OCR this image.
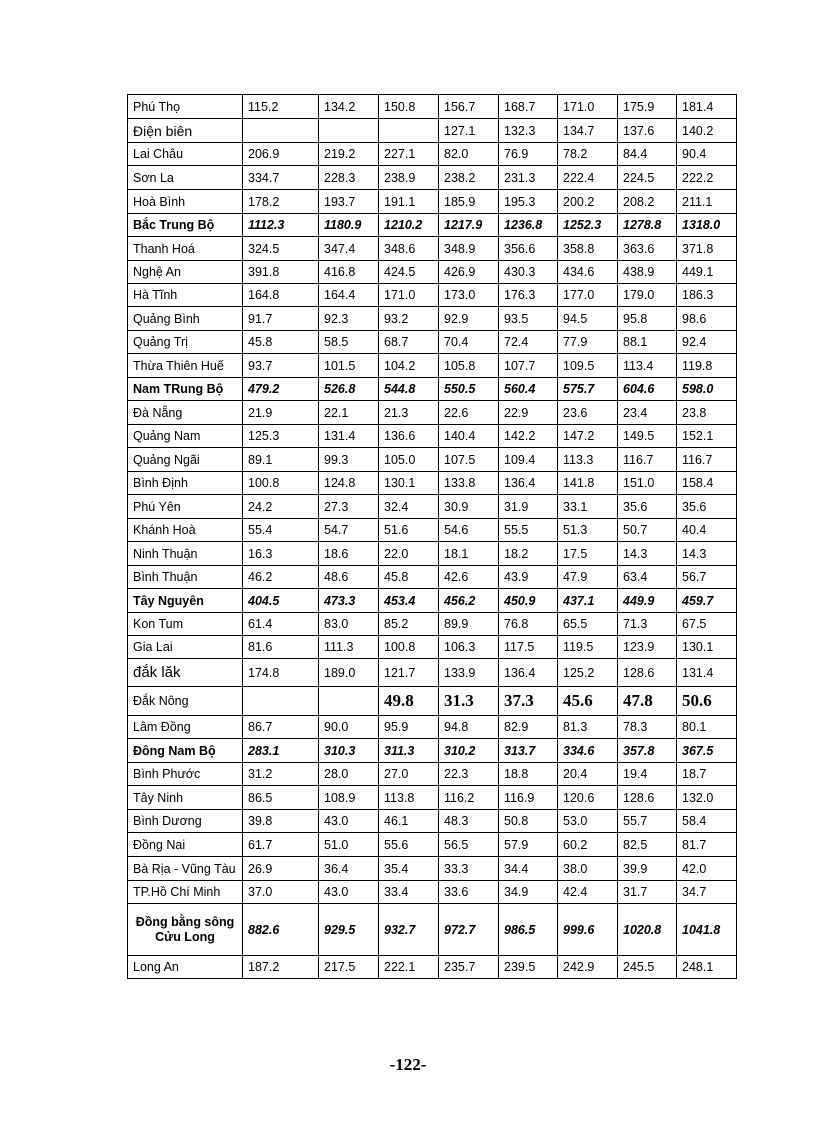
Phú Thọ	115.2	134.2	150.8	156.7	168.7	171.0	175.9	181.4
Điện biên				127.1	132.3	134.7	137.6	140.2
Lai Châu	206.9	219.2	227.1	82.0	76.9	78.2	84.4	90.4
Sơn La	334.7	228.3	238.9	238.2	231.3	222.4	224.5	222.2
Hoà Bình	178.2	193.7	191.1	185.9	195.3	200.2	208.2	211.1
Bắc Trung Bộ	1112.3	1180.9	1210.2	1217.9	1236.8	1252.3	1278.8	1318.0
Thanh Hoá	324.5	347.4	348.6	348.9	356.6	358.8	363.6	371.8
Nghệ An	391.8	416.8	424.5	426.9	430.3	434.6	438.9	449.1
Hà Tĩnh	164.8	164.4	171.0	173.0	176.3	177.0	179.0	186.3
Quảng Bình	91.7	92.3	93.2	92.9	93.5	94.5	95.8	98.6
Quảng Trị	45.8	58.5	68.7	70.4	72.4	77.9	88.1	92.4
Thừa Thiên Huế	93.7	101.5	104.2	105.8	107.7	109.5	113.4	119.8
Nam TRung Bộ	479.2	526.8	544.8	550.5	560.4	575.7	604.6	598.0
Đà Nẵng	21.9	22.1	21.3	22.6	22.9	23.6	23.4	23.8
Quảng Nam	125.3	131.4	136.6	140.4	142.2	147.2	149.5	152.1
Quảng Ngãi	89.1	99.3	105.0	107.5	109.4	113.3	116.7	116.7
Bình Định	100.8	124.8	130.1	133.8	136.4	141.8	151.0	158.4
Phú Yên	24.2	27.3	32.4	30.9	31.9	33.1	35.6	35.6
Khánh Hoà	55.4	54.7	51.6	54.6	55.5	51.3	50.7	40.4
Ninh Thuận	16.3	18.6	22.0	18.1	18.2	17.5	14.3	14.3
Bình Thuận	46.2	48.6	45.8	42.6	43.9	47.9	63.4	56.7
Tây Nguyên	404.5	473.3	453.4	456.2	450.9	437.1	449.9	459.7
Kon Tum	61.4	83.0	85.2	89.9	76.8	65.5	71.3	67.5
Gia Lai	81.6	111.3	100.8	106.3	117.5	119.5	123.9	130.1
đắk lăk	174.8	189.0	121.7	133.9	136.4	125.2	128.6	131.4
Đắk Nông			49.8	31.3	37.3	45.6	47.8	50.6
Lâm Đồng	86.7	90.0	95.9	94.8	82.9	81.3	78.3	80.1
Đông Nam Bộ	283.1	310.3	311.3	310.2	313.7	334.6	357.8	367.5
Bình Phước	31.2	28.0	27.0	22.3	18.8	20.4	19.4	18.7
Tây Ninh	86.5	108.9	113.8	116.2	116.9	120.6	128.6	132.0
Bình Dương	39.8	43.0	46.1	48.3	50.8	53.0	55.7	58.4
Đồng Nai	61.7	51.0	55.6	56.5	57.9	60.2	82.5	81.7
Bà Rịa - Vũng Tàu	26.9	36.4	35.4	33.3	34.4	38.0	39.9	42.0
TP.Hồ Chí Minh	37.0	43.0	33.4	33.6	34.9	42.4	31.7	34.7
Đồng bằng sông Cửu Long	882.6	929.5	932.7	972.7	986.5	999.6	1020.8	1041.8
Long An	187.2	217.5	222.1	235.7	239.5	242.9	245.5	248.1
-122-
